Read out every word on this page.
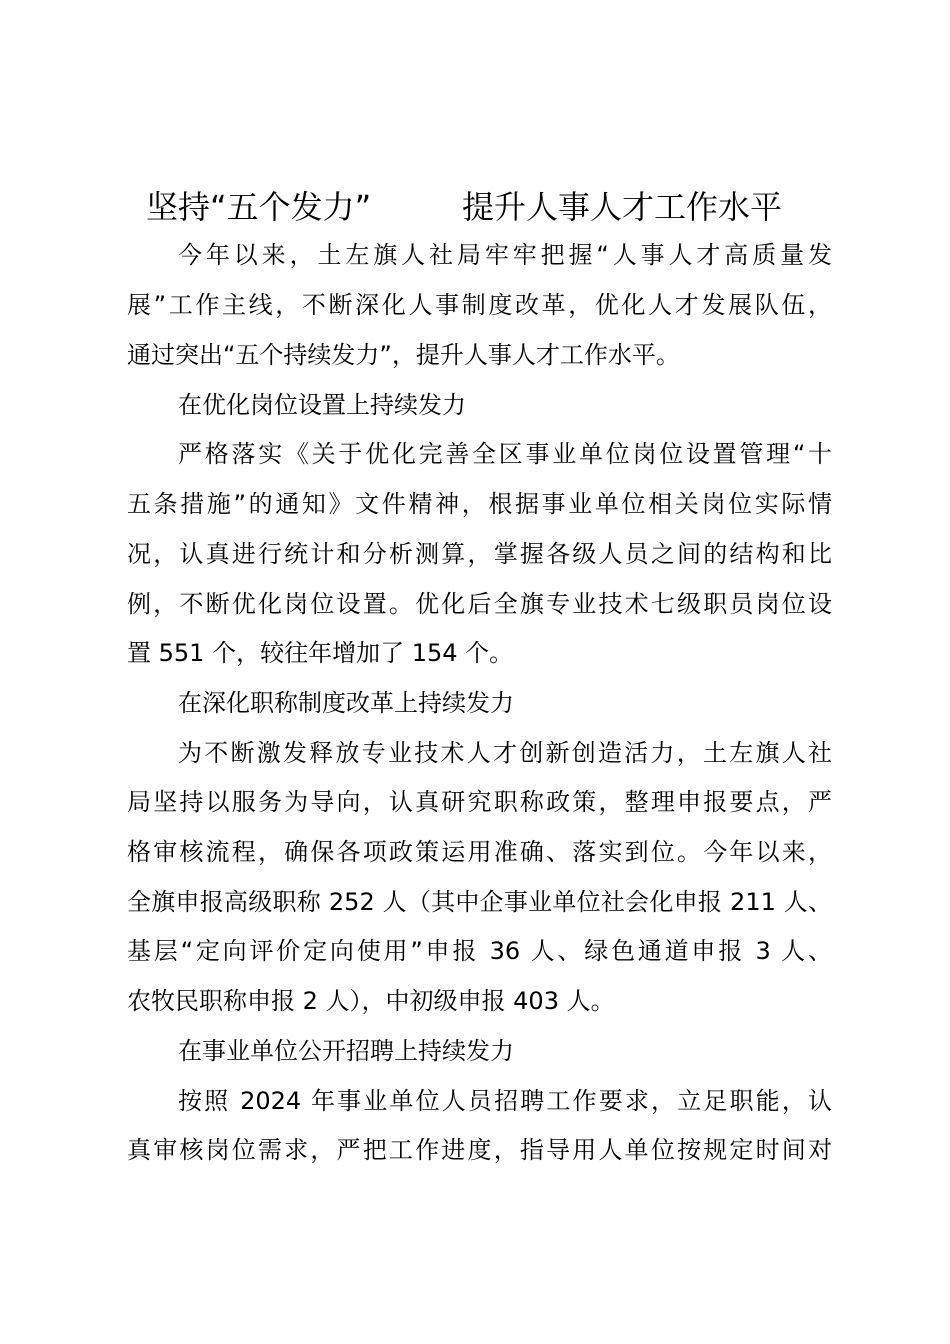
坚持“五个发力”	提升人事人才工作水平
今年以来，土左旗人社局牢牢把握“人事人才高质量发
展”工作主线，不断深化人事制度改革，优化人才发展队伍，
通过突出“五个持续发力”，提升人事人才工作水平。
在优化岗位设置上持续发力
严格落实《关于优化完善全区事业单位岗位设置管理“十
五条措施”的通知》文件精神，根据事业单位相关岗位实际情
况，认真进行统计和分析测算，掌握各级人员之间的结构和比
例，不断优化岗位设置。优化后全旗专业技术七级职员岗位设
置 551 个，较往年增加了 154 个。
在深化职称制度改革上持续发力
为不断激发释放专业技术人才创新创造活力，土左旗人社
局坚持以服务为导向，认真研究职称政策，整理申报要点，严
格审核流程，确保各项政策运用准确、落实到位。今年以来，
全旗申报高级职称 252 人（其中企事业单位社会化申报 211 人、
基层“定向评价定向使用”申报 36 人、绿色通道申报 3 人、
农牧民职称申报 2 人），中初级申报 403 人。
在事业单位公开招聘上持续发力
按照 2024 年事业单位人员招聘工作要求，立足职能，认
真审核岗位需求，严把工作进度，指导用人单位按规定时间对
